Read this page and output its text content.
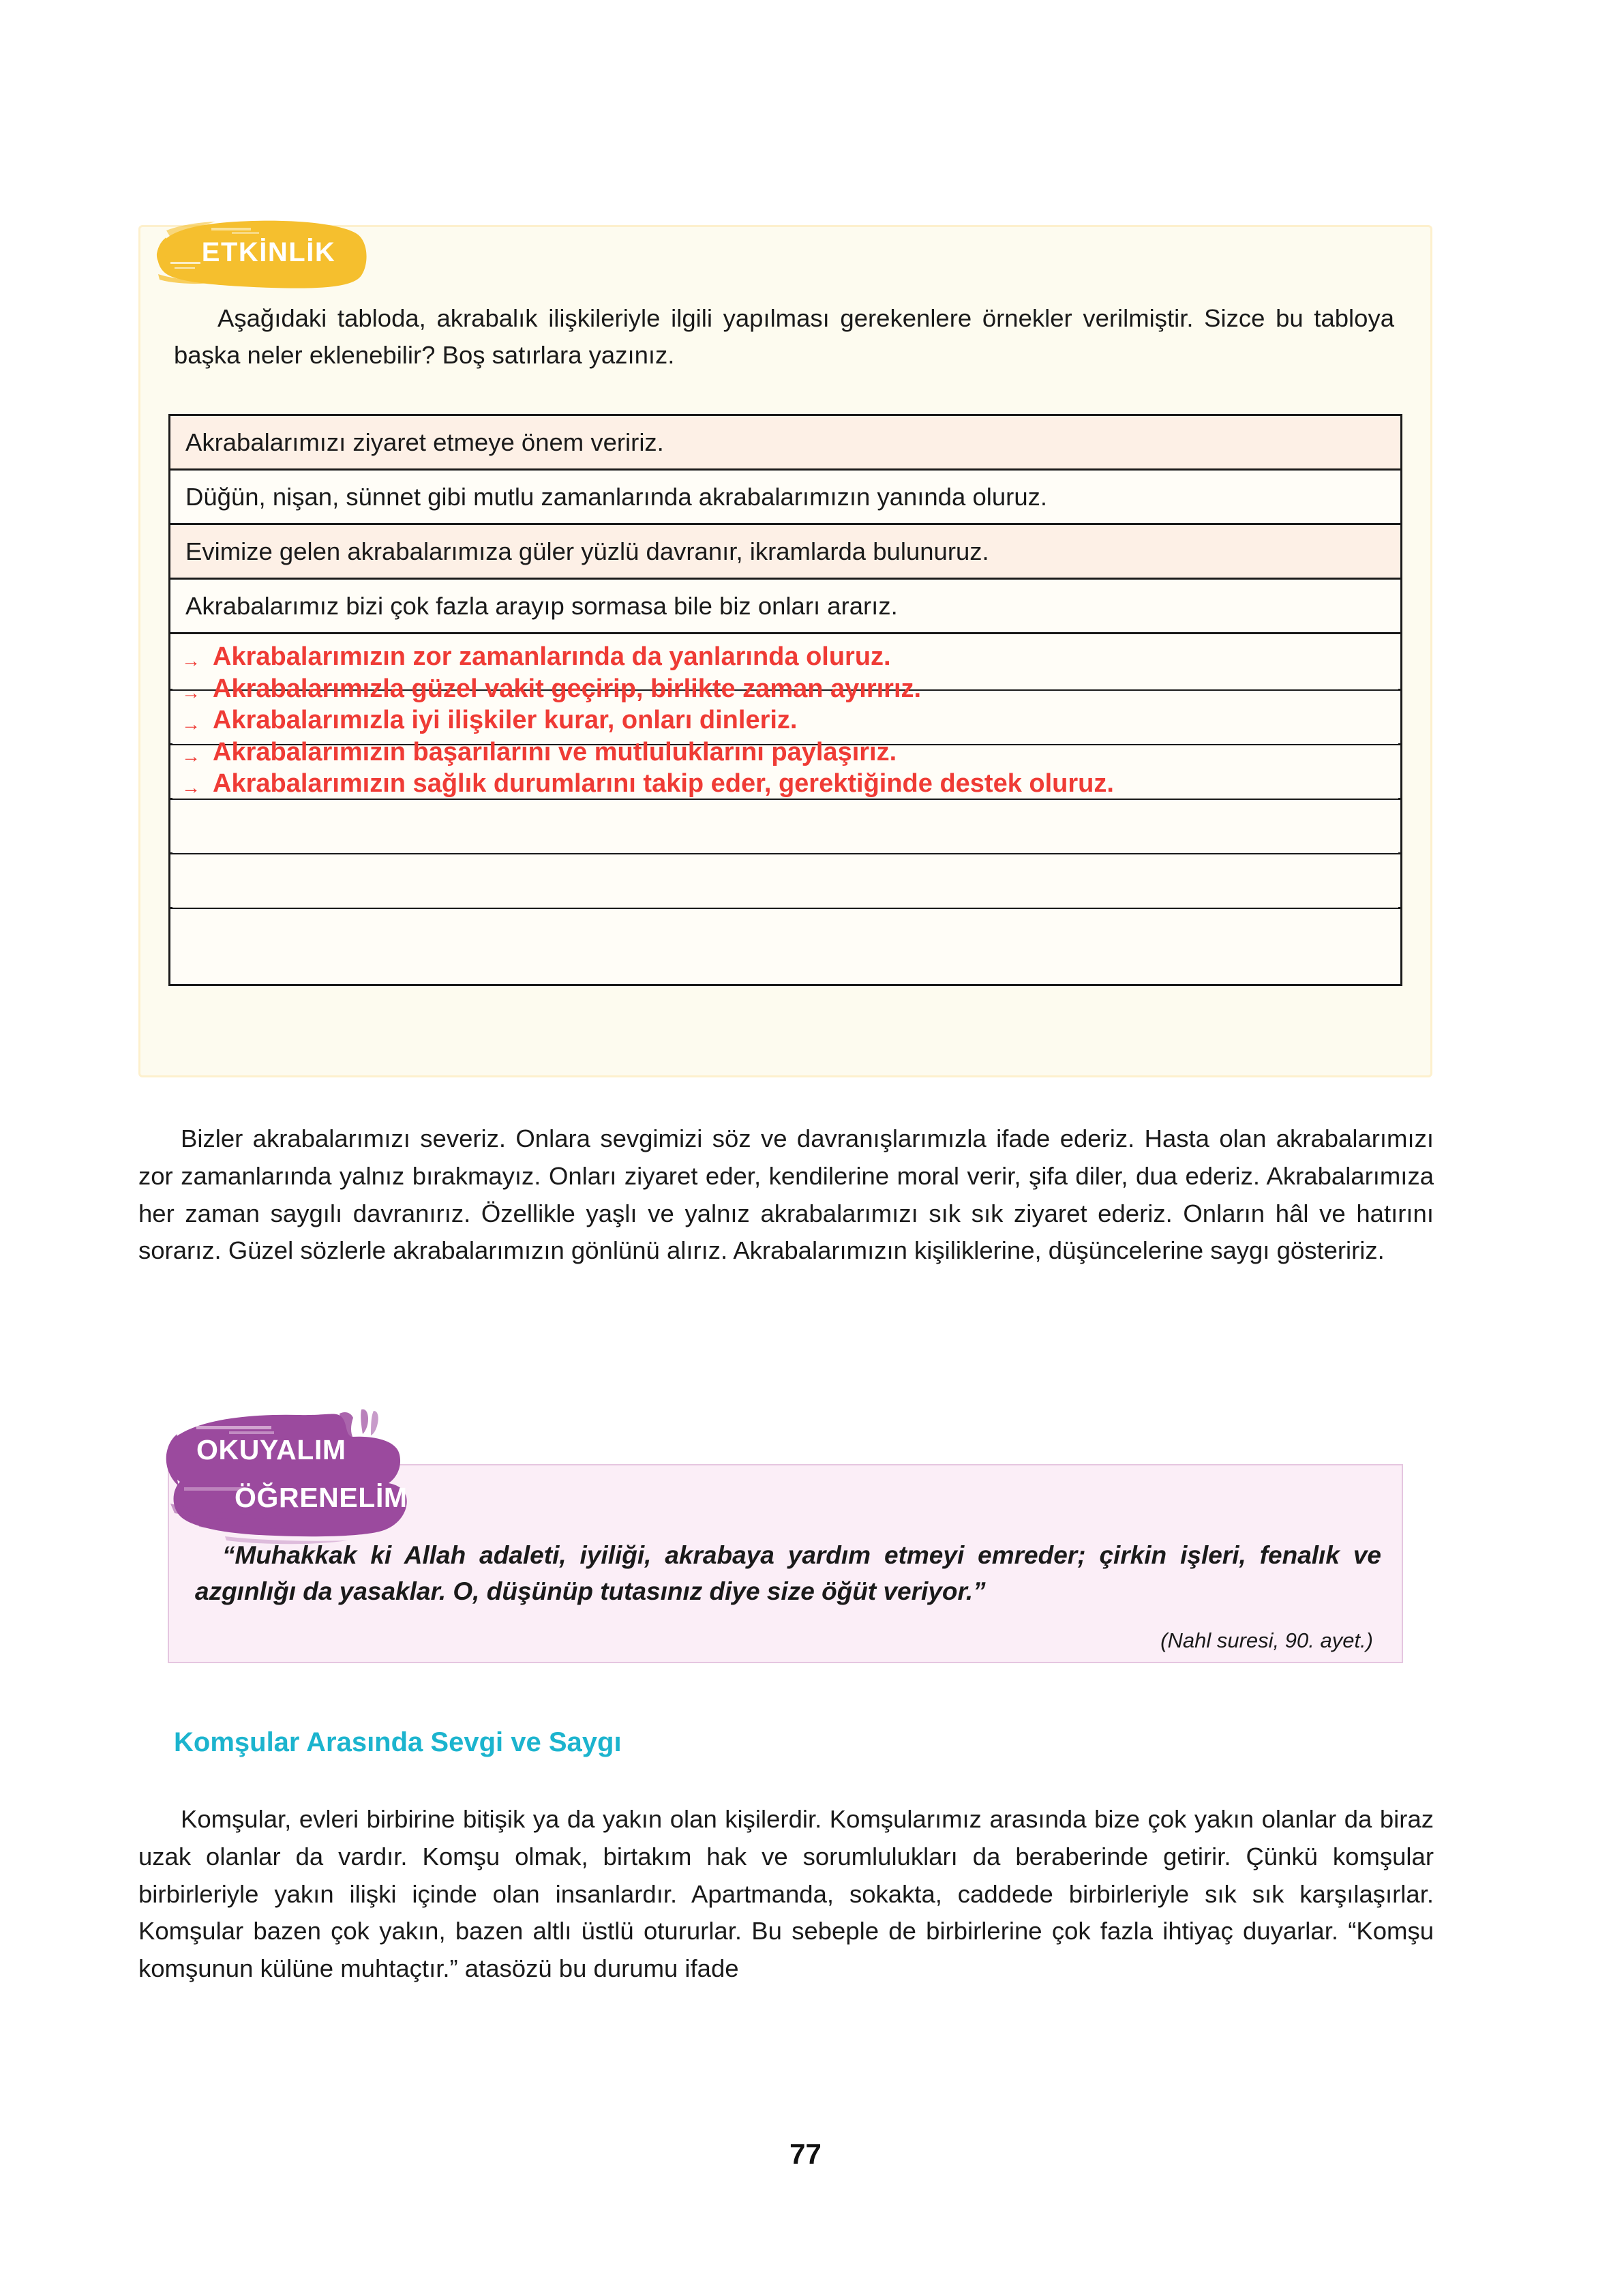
ETKİNLİK
Aşağıdaki tabloda, akrabalık ilişkileriyle ilgili yapılması gerekenlere örnekler verilmiştir. Sizce bu tabloya başka neler eklenebilir? Boş satırlara yazınız.
Akrabalarımızı ziyaret etmeye önem veririz.
Düğün, nişan, sünnet gibi mutlu zamanlarında akrabalarımızın yanında oluruz.
Evimize gelen akrabalarımıza güler yüzlü davranır, ikramlarda bulunuruz.
Akrabalarımız bizi çok fazla arayıp sormasa bile biz onları ararız.
→ Akrabalarımızın zor zamanlarında da yanlarında oluruz.
→ Akrabalarımızla güzel vakit geçirip, birlikte zaman ayırırız.
→ Akrabalarımızla iyi ilişkiler kurar, onları dinleriz.
→ Akrabalarımızın başarılarını ve mutluluklarını paylaşırız.
→ Akrabalarımızın sağlık durumlarını takip eder, gerektiğinde destek oluruz.
Bizler akrabalarımızı severiz. Onlara sevgimizi söz ve davranışlarımızla ifade ederiz. Hasta olan akrabalarımızı zor zamanlarında yalnız bırakmayız. Onları ziyaret eder, kendilerine moral verir, şifa diler, dua ederiz. Akrabalarımıza her zaman saygılı davranırız. Özellikle yaşlı ve yalnız akrabalarımızı sık sık ziyaret ederiz. Onların hâl ve hatırını sorarız. Güzel sözlerle akrabalarımızın gönlünü alırız. Akrabalarımızın kişiliklerine, düşüncelerine saygı gösteririz.
OKUYALIM
ÖĞRENELİM
“Muhakkak ki Allah adaleti, iyiliği, akrabaya yardım etmeyi emreder; çirkin işleri, fenalık ve azgınlığı da yasaklar. O, düşünüp tutasınız diye size öğüt veriyor.”
(Nahl suresi, 90. ayet.)
Komşular Arasında Sevgi ve Saygı
Komşular, evleri birbirine bitişik ya da yakın olan kişilerdir. Komşularımız arasında bize çok yakın olanlar da biraz uzak olanlar da vardır. Komşu olmak, birtakım hak ve sorumlulukları da beraberinde getirir. Çünkü komşular birbirleriyle yakın ilişki içinde olan insanlardır. Apartmanda, sokakta, caddede birbirleriyle sık sık karşılaşırlar. Komşular bazen çok yakın, bazen altlı üstlü otururlar. Bu sebeple de birbirlerine çok fazla ihtiyaç duyarlar. “Komşu komşunun külüne muhtaçtır.” atasözü bu durumu ifade
77
